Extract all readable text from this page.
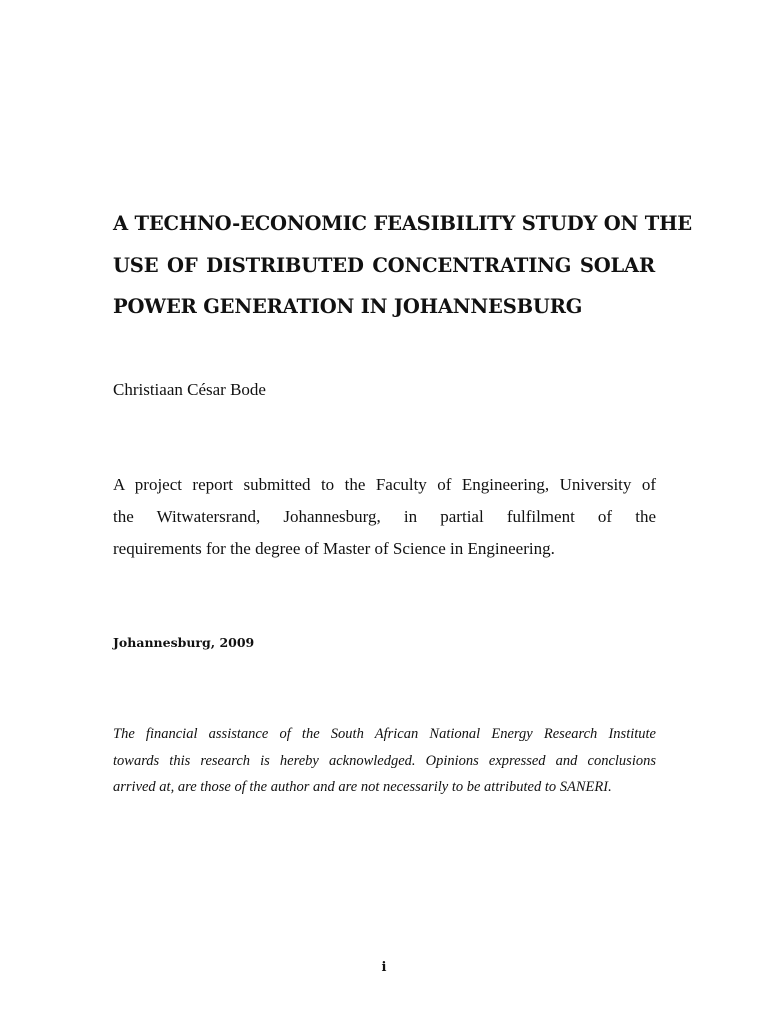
A TECHNO-ECONOMIC FEASIBILITY STUDY ON THE
USE OF DISTRIBUTED CONCENTRATING SOLAR
POWER GENERATION IN JOHANNESBURG
Christiaan César Bode
A project report submitted to the Faculty of Engineering, University of
the Witwatersrand, Johannesburg, in partial fulfilment of the
requirements for the degree of Master of Science in Engineering.
Johannesburg, 2009
The financial assistance of the South African National Energy Research Institute
towards this research is hereby acknowledged. Opinions expressed and conclusions
arrived at, are those of the author and are not necessarily to be attributed to SANERI.
i
